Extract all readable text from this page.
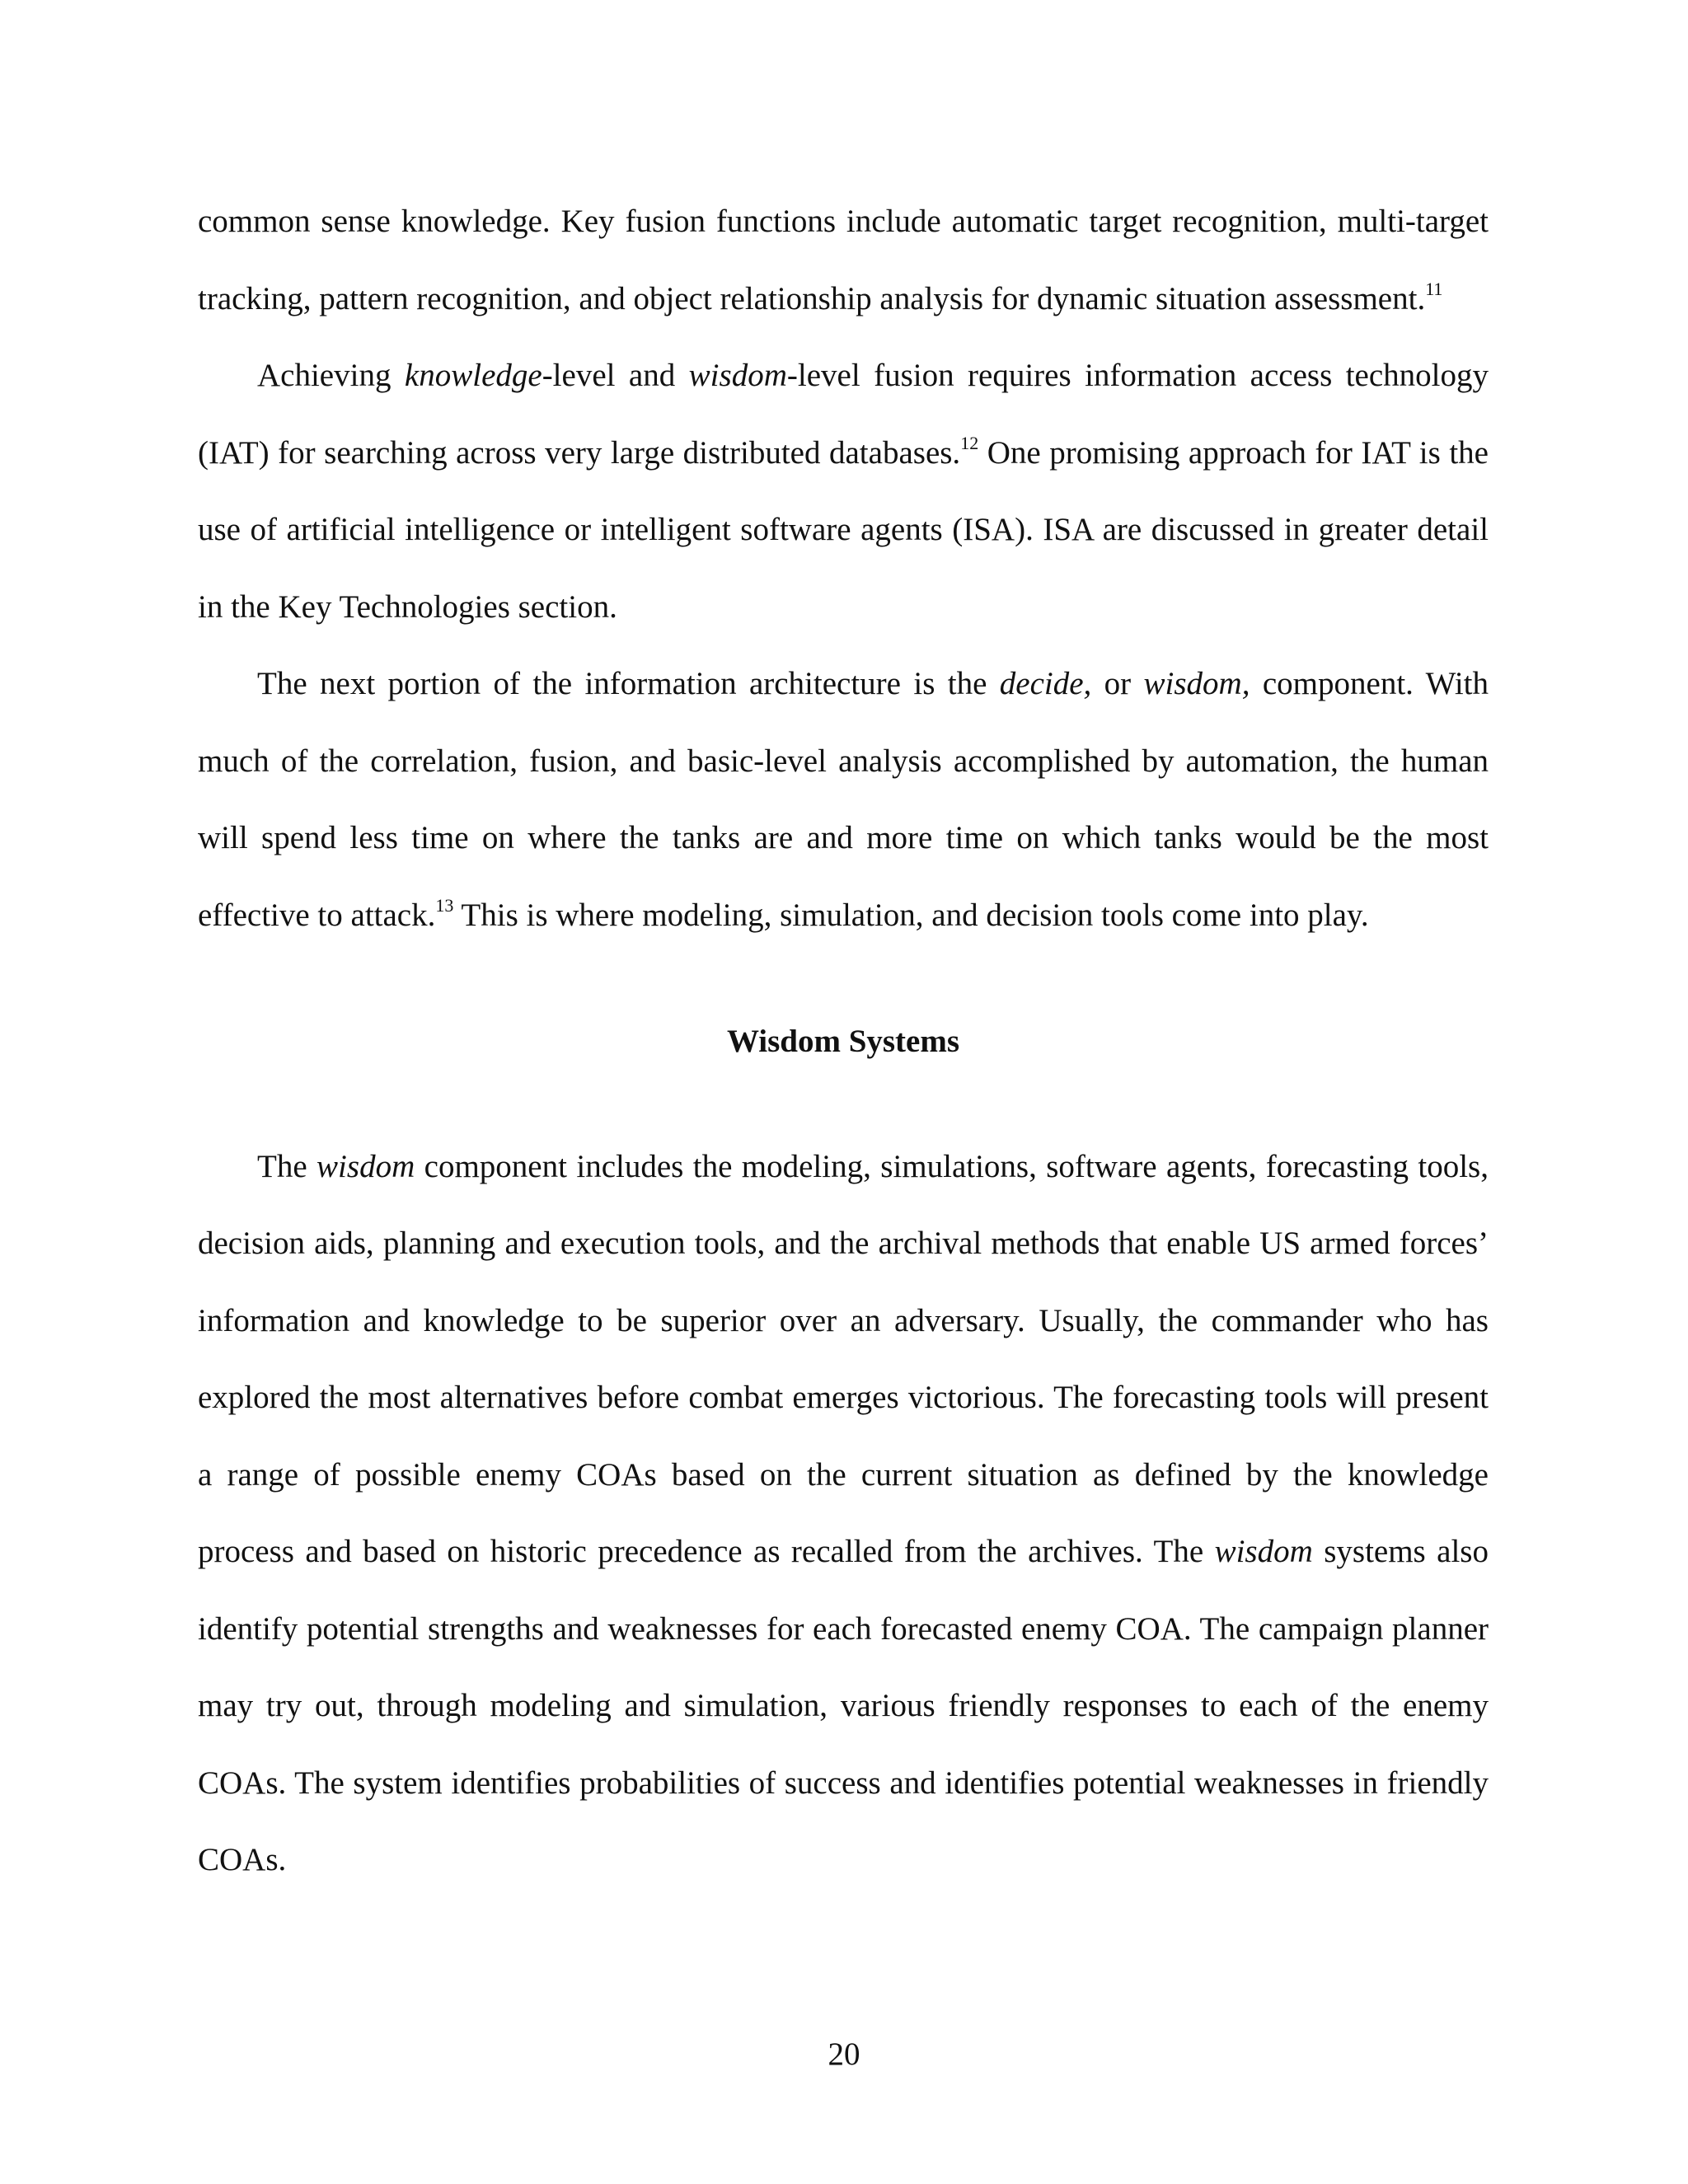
common sense knowledge. Key fusion functions include automatic target recognition, multi-target tracking, pattern recognition, and object relationship analysis for dynamic situation assessment.$^{11}$

Achieving knowledge-level and wisdom-level fusion requires information access technology (IAT) for searching across very large distributed databases.$^{12}$ One promising approach for IAT is the use of artificial intelligence or intelligent software agents (ISA). ISA are discussed in greater detail in the Key Technologies section.

The next portion of the information architecture is the decide, or wisdom, component. With much of the correlation, fusion, and basic-level analysis accomplished by automation, the human will spend less time on where the tanks are and more time on which tanks would be the most effective to attack.$^{13}$ This is where modeling, simulation, and decision tools come into play.

Wisdom Systems

The wisdom component includes the modeling, simulations, software agents, forecasting tools, decision aids, planning and execution tools, and the archival methods that enable US armed forces’ information and knowledge to be superior over an adversary. Usually, the commander who has explored the most alternatives before combat emerges victorious. The forecasting tools will present a range of possible enemy COAs based on the current situation as defined by the knowledge process and based on historic precedence as recalled from the archives. The wisdom systems also identify potential strengths and weaknesses for each forecasted enemy COA. The campaign planner may try out, through modeling and simulation, various friendly responses to each of the enemy COAs. The system identifies probabilities of success and identifies potential weaknesses in friendly COAs.

20
